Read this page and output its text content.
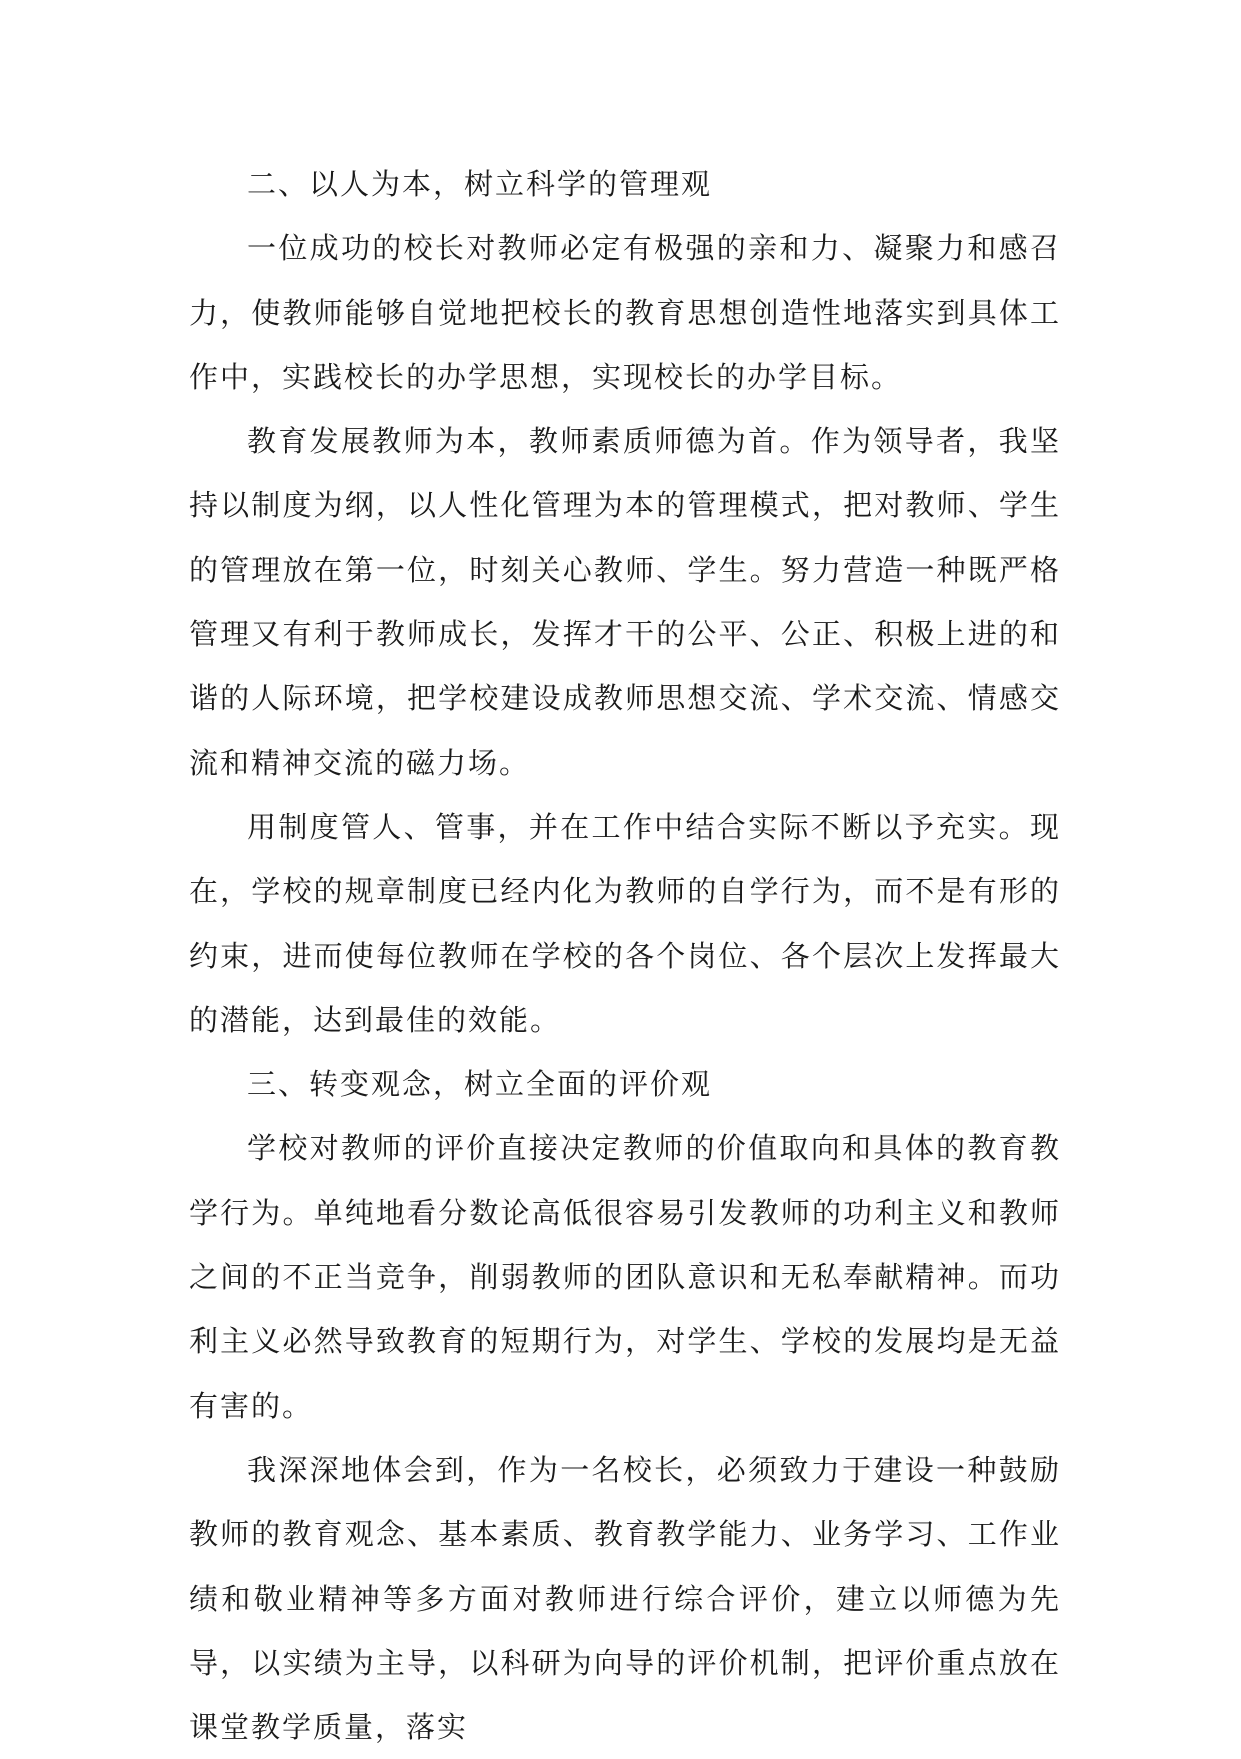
二、以人为本，树立科学的管理观

一位成功的校长对教师必定有极强的亲和力、凝聚力和感召力，使教师能够自觉地把校长的教育思想创造性地落实到具体工作中，实践校长的办学思想，实现校长的办学目标。

教育发展教师为本，教师素质师德为首。作为领导者，我坚持以制度为纲，以人性化管理为本的管理模式，把对教师、学生的管理放在第一位，时刻关心教师、学生。努力营造一种既严格管理又有利于教师成长，发挥才干的公平、公正、积极上进的和谐的人际环境，把学校建设成教师思想交流、学术交流、情感交流和精神交流的磁力场。

用制度管人、管事，并在工作中结合实际不断以予充实。现在，学校的规章制度已经内化为教师的自学行为，而不是有形的约束，进而使每位教师在学校的各个岗位、各个层次上发挥最大的潜能，达到最佳的效能。

三、转变观念，树立全面的评价观

学校对教师的评价直接决定教师的价值取向和具体的教育教学行为。单纯地看分数论高低很容易引发教师的功利主义和教师之间的不正当竞争，削弱教师的团队意识和无私奉献精神。而功利主义必然导致教育的短期行为，对学生、学校的发展均是无益有害的。

我深深地体会到，作为一名校长，必须致力于建设一种鼓励教师的教育观念、基本素质、教育教学能力、业务学习、工作业绩和敬业精神等多方面对教师进行综合评价，建立以师德为先导，以实绩为主导，以科研为向导的评价机制，把评价重点放在课堂教学质量，落实
